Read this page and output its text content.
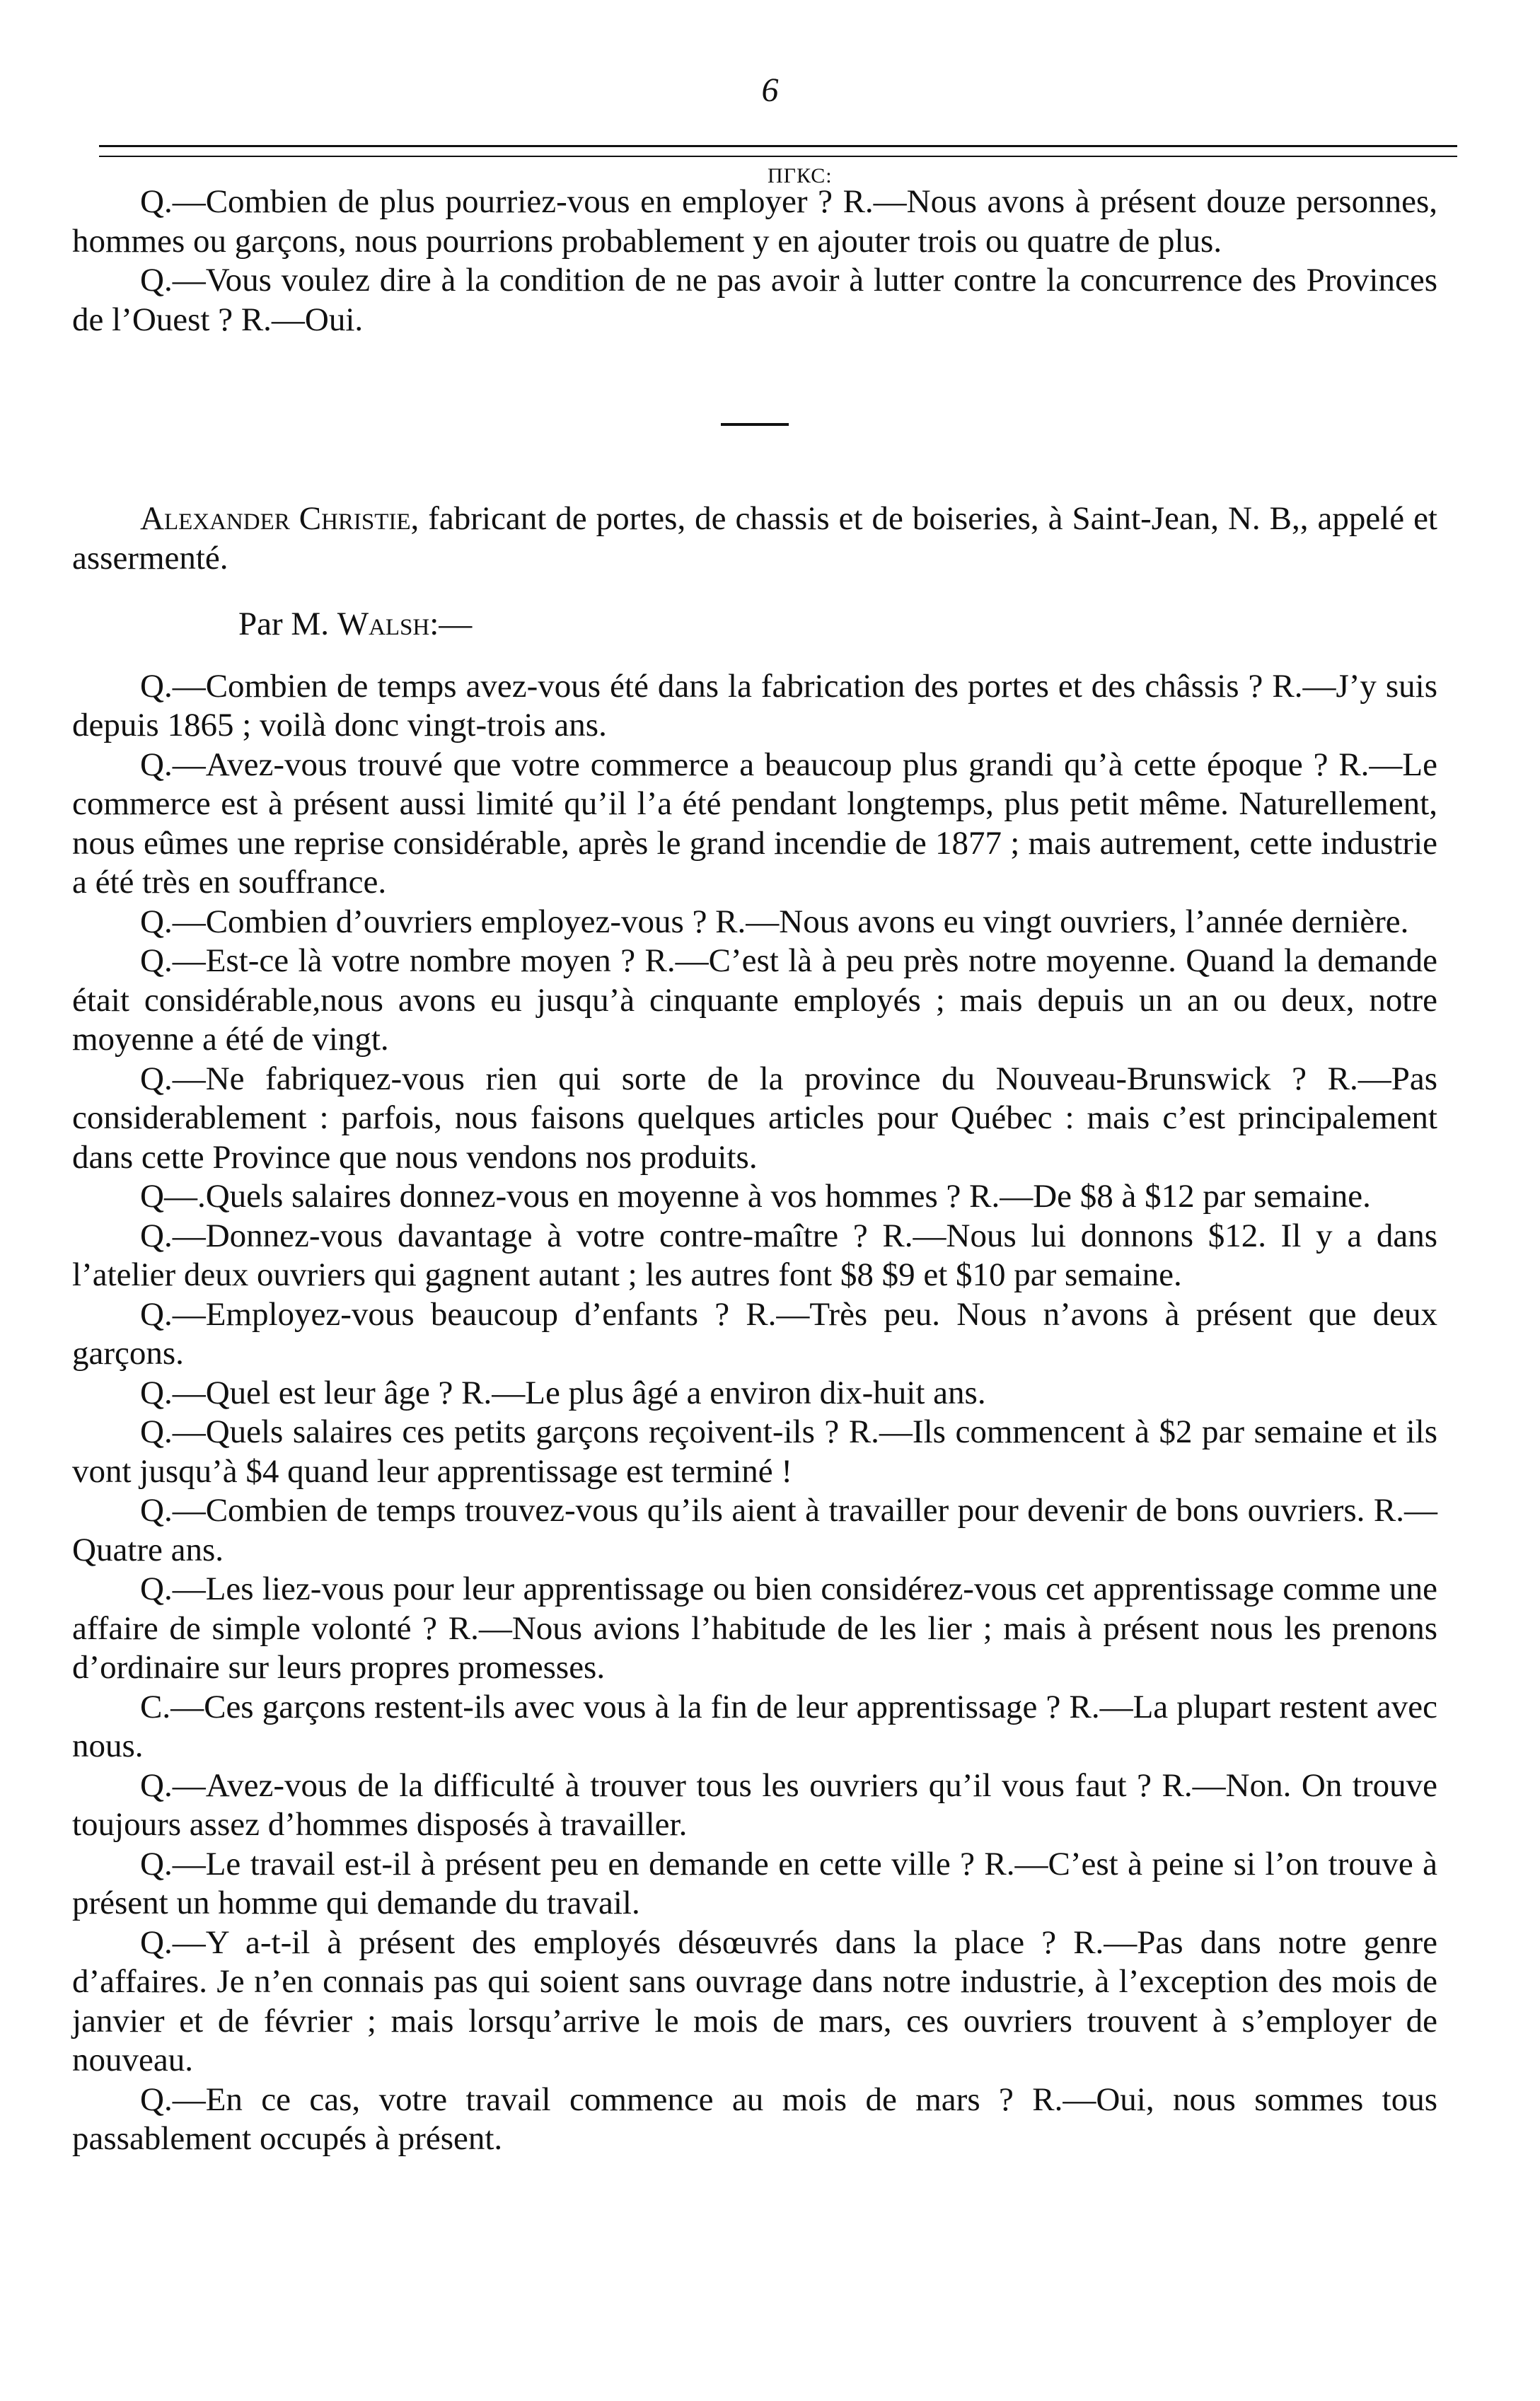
6
ПГКС:

Q.—Combien de plus pourriez-vous en employer ? R.—Nous avons à présent douze personnes, hommes ou garçons, nous pourrions probablement y en ajouter trois ou quatre de plus.

Q.—Vous voulez dire à la condition de ne pas avoir à lutter contre la concurrence des Provinces de l’Ouest ? R.—Oui.

Alexander Christie, fabricant de portes, de chassis et de boiseries, à Saint-Jean, N. B,, appelé et assermenté.

Par M. Walsh:—

Q.—Combien de temps avez-vous été dans la fabrication des portes et des châssis ? R.—J’y suis depuis 1865 ; voilà donc vingt-trois ans.

Q.—Avez-vous trouvé que votre commerce a beaucoup plus grandi qu’à cette époque ? R.—Le commerce est à présent aussi limité qu’il l’a été pendant longtemps, plus petit même. Naturellement, nous eûmes une reprise considérable, après le grand incendie de 1877 ; mais autrement, cette industrie a été très en souffrance.

Q.—Combien d’ouvriers employez-vous ? R.—Nous avons eu vingt ouvriers, l’année dernière.

Q.—Est-ce là votre nombre moyen ? R.—C’est là à peu près notre moyenne. Quand la demande était considérable,nous avons eu jusqu’à cinquante employés ; mais depuis un an ou deux, notre moyenne a été de vingt.

Q.—Ne fabriquez-vous rien qui sorte de la province du Nouveau-Brunswick ? R.—Pas considerablement : parfois, nous faisons quelques articles pour Québec : mais c’est principalement dans cette Province que nous vendons nos produits.

Q—.Quels salaires donnez-vous en moyenne à vos hommes ? R.—De $8 à $12 par semaine.

Q.—Donnez-vous davantage à votre contre-maître ? R.—Nous lui donnons $12. Il y a dans l’atelier deux ouvriers qui gagnent autant ; les autres font $8 $9 et $10 par semaine.

Q.—Employez-vous beaucoup d’enfants ? R.—Très peu. Nous n’avons à présent que deux garçons.

Q.—Quel est leur âge ? R.—Le plus âgé a environ dix-huit ans.

Q.—Quels salaires ces petits garçons reçoivent-ils ? R.—Ils commencent à $2 par semaine et ils vont jusqu’à $4 quand leur apprentissage est terminé !

Q.—Combien de temps trouvez-vous qu’ils aient à travailler pour devenir de bons ouvriers. R.—Quatre ans.

Q.—Les liez-vous pour leur apprentissage ou bien considérez-vous cet apprentissage comme une affaire de simple volonté ? R.—Nous avions l’habitude de les lier ; mais à présent nous les prenons d’ordinaire sur leurs propres promesses.

C.—Ces garçons restent-ils avec vous à la fin de leur apprentissage ? R.—La plupart restent avec nous.

Q.—Avez-vous de la difficulté à trouver tous les ouvriers qu’il vous faut ? R.—Non. On trouve toujours assez d’hommes disposés à travailler.

Q.—Le travail est-il à présent peu en demande en cette ville ? R.—C’est à peine si l’on trouve à présent un homme qui demande du travail.

Q.—Y a-t-il à présent des employés désœuvrés dans la place ? R.—Pas dans notre genre d’affaires. Je n’en connais pas qui soient sans ouvrage dans notre industrie, à l’exception des mois de janvier et de février ; mais lorsqu’arrive le mois de mars, ces ouvriers trouvent à s’employer de nouveau.

Q.—En ce cas, votre travail commence au mois de mars ? R.—Oui, nous sommes tous passablement occupés à présent.
